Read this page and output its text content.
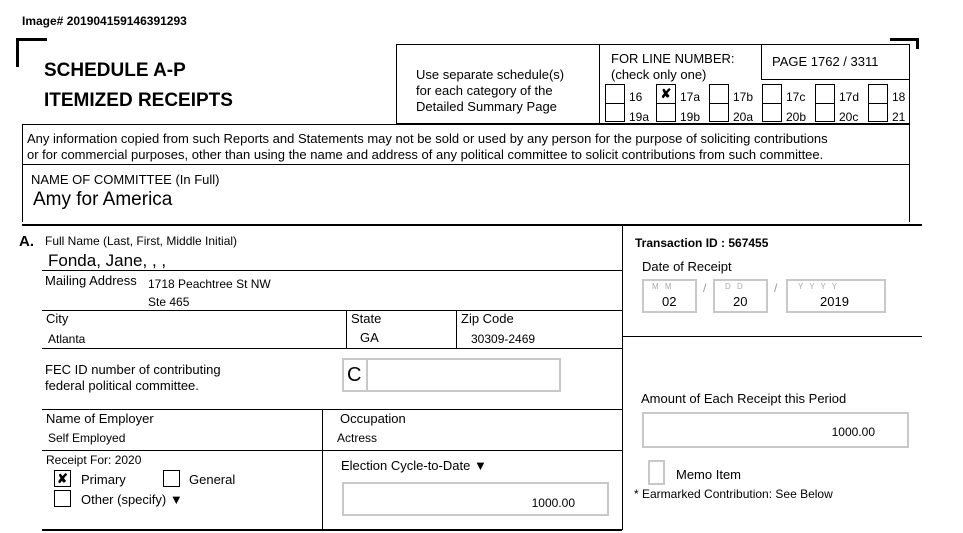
Image# 201904159146391293
SCHEDULE A-P
ITEMIZED RECEIPTS
Use separate schedule(s)
for each category of the
Detailed Summary Page
PAGE 1762 / 3311
FOR LINE NUMBER:
(check only one)
16	✘ 17a	17b	17c	17d	18
19a	19b	20a	20b	20c	21
Any information copied from such Reports and Statements may not be sold or used by any person for the purpose of soliciting contributions
or for commercial purposes, other than using the name and address of any political committee to solicit contributions from such committee.
NAME OF COMMITTEE (In Full)
Amy for America
A. Full Name (Last, First, Middle Initial)
Fonda, Jane, , ,
Mailing Address 1718 Peachtree St NW
Ste 465
City
Atlanta
State
GA
Zip Code
30309-2469
FEC ID number of contributing
federal political committee.	C
Name of Employer
Self Employed
Occupation
Actress
Receipt For: 2020
✘ Primary	General
Other (specify) ▼
Election Cycle-to-Date ▼
1000.00
Transaction ID : 567455
Date of Receipt
M M
02
/ D D
20
/	Y Y Y Y
2019
Amount of Each Receipt this Period
1000.00
Memo Item
* Earmarked Contribution: See Below
